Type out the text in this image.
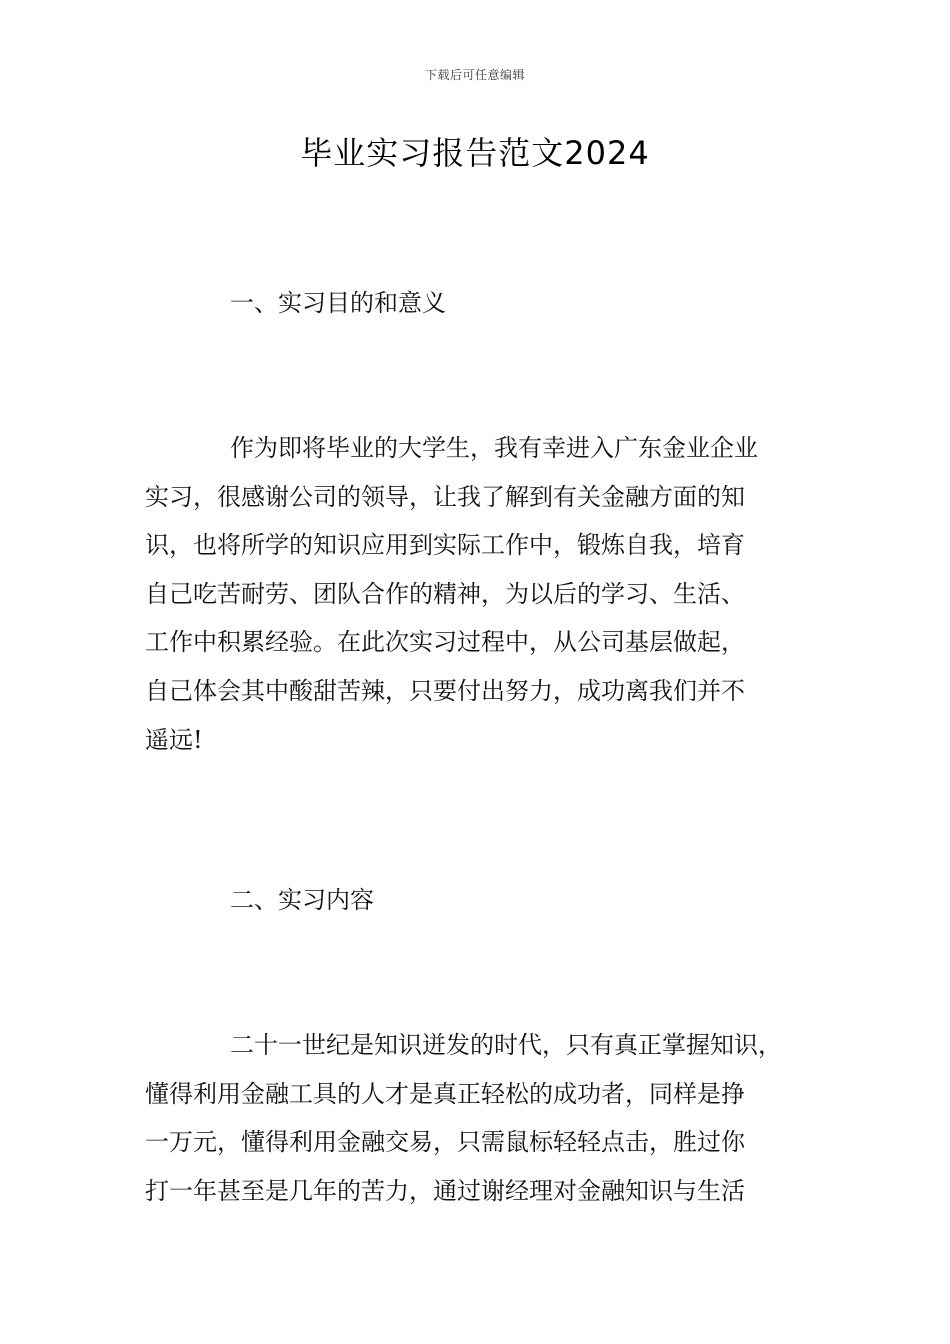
下载后可任意编辑
毕业实习报告范文2024
一、实习目的和意义
作为即将毕业的大学生，我有幸进入广东金业企业
实习，很感谢公司的领导，让我了解到有关金融方面的知
识，也将所学的知识应用到实际工作中，锻炼自我，培育
自己吃苦耐劳、团队合作的精神，为以后的学习、生活、
工作中积累经验。在此次实习过程中，从公司基层做起，
自己体会其中酸甜苦辣，只要付出努力，成功离我们并不
遥远!
二、实习内容
二十一世纪是知识迸发的时代，只有真正掌握知识，
懂得利用金融工具的人才是真正轻松的成功者，同样是挣
一万元，懂得利用金融交易，只需鼠标轻轻点击，胜过你
打一年甚至是几年的苦力，通过谢经理对金融知识与生活
